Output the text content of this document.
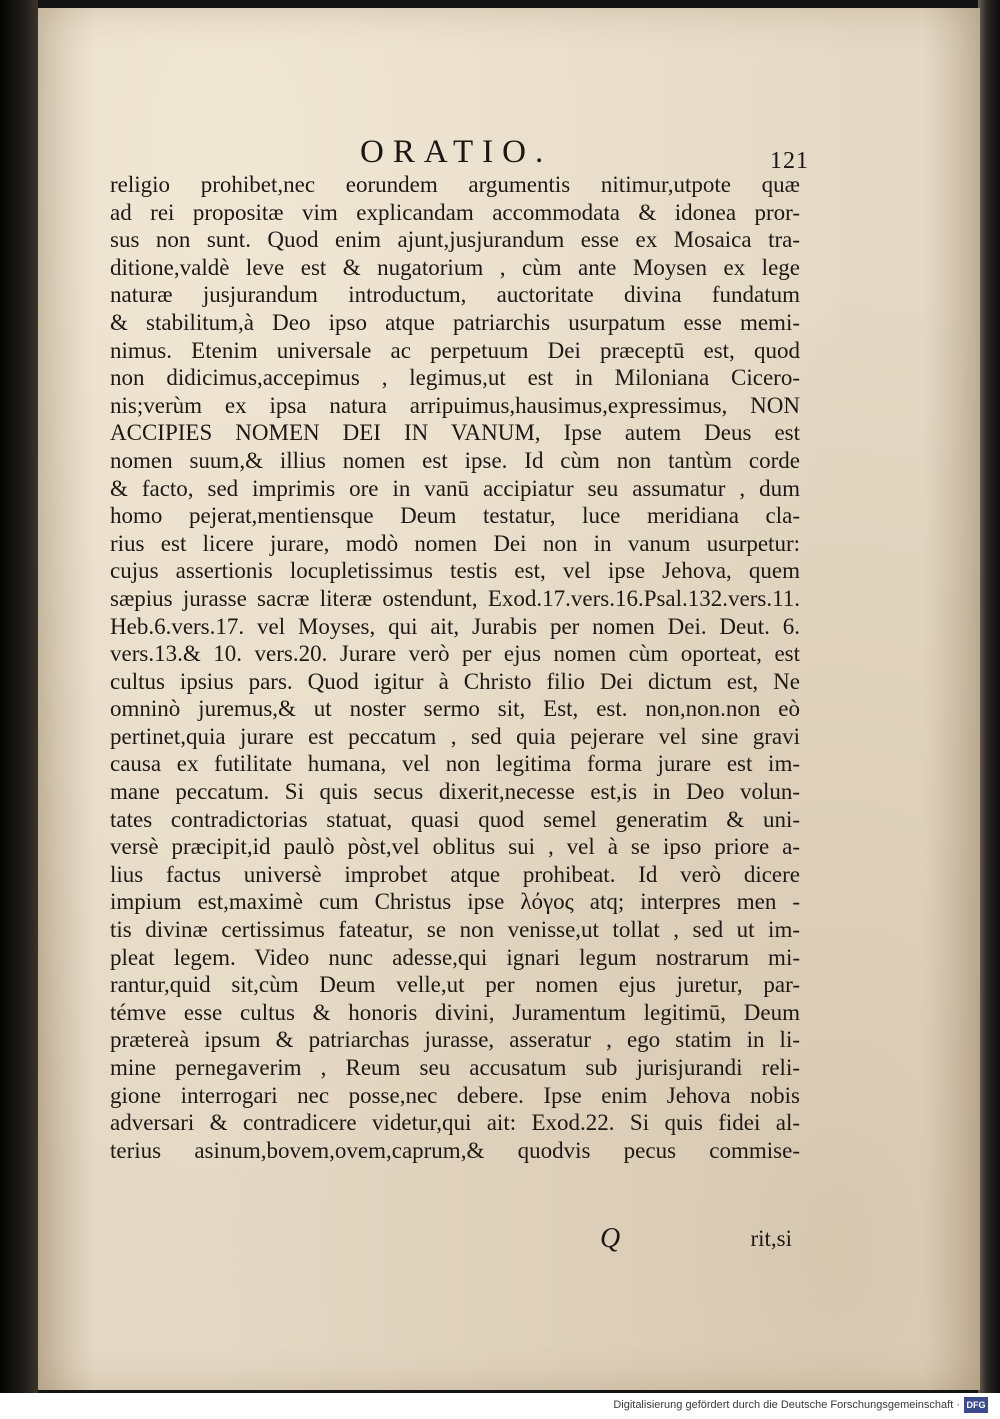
ORATIO.	121
religio prohibet,nec eorundem argumentis nitimur,utpote quæ
ad rei propositæ vim explicandam accommodata & idonea pror-
sus non sunt. Quod enim ajunt,jusjurandum esse ex Mosaica tra-
ditione,valdè leve est & nugatorium , cùm ante Moysen ex lege
naturæ jusjurandum introductum, auctoritate divina fundatum
& stabilitum,à Deo ipso atque patriarchis usurpatum esse memi-
nimus. Etenim universale ac perpetuum Dei præceptū est, quod
non didicimus,accepimus , legimus,ut est in Miloniana Cicero-
nis;verùm ex ipsa natura arripuimus,hausimus,expressimus, NON
ACCIPIES NOMEN DEI IN VANUM, Ipse autem Deus est
nomen suum,& illius nomen est ipse. Id cùm non tantùm corde
& facto, sed imprimis ore in vanū accipiatur seu assumatur , dum
homo pejerat,mentiensque Deum testatur, luce meridiana cla-
rius est licere jurare, modò nomen Dei non in vanum usurpetur:
cujus assertionis locupletissimus testis est, vel ipse Jehova, quem
sæpius jurasse sacræ literæ ostendunt, Exod.17.vers.16.Psal.132.vers.11.
Heb.6.vers.17. vel Moyses, qui ait, Jurabis per nomen Dei. Deut. 6.
vers.13.& 10. vers.20. Jurare verò per ejus nomen cùm oporteat, est
cultus ipsius pars. Quod igitur à Christo filio Dei dictum est, Ne
omninò juremus,& ut noster sermo sit, Est, est. non,non.non eò
pertinet,quia jurare est peccatum , sed quia pejerare vel sine gravi
causa ex futilitate humana, vel non legitima forma jurare est im-
mane peccatum. Si quis secus dixerit,necesse est,is in Deo volun-
tates contradictorias statuat, quasi quod semel generatim & uni-
versè præcipit,id paulò pòst,vel oblitus sui , vel à se ipso priore a-
lius factus universè improbet atque prohibeat. Id verò dicere
impium est,maximè cum Christus ipse λόγος atq; interpres men -
tis divinæ certissimus fateatur, se non venisse,ut tollat , sed ut im-
pleat legem. Video nunc adesse,qui ignari legum nostrarum mi-
rantur,quid sit,cùm Deum velle,ut per nomen ejus juretur, par-
témve esse cultus & honoris divini, Juramentum legitimū, Deum
prætereà ipsum & patriarchas jurasse, asseratur , ego statim in li-
mine pernegaverim , Reum seu accusatum sub jurisjurandi reli-
gione interrogari nec posse,nec debere. Ipse enim Jehova nobis
adversari & contradicere videtur,qui ait: Exod.22. Si quis fidei al-
terius asinum,bovem,ovem,caprum,& quodvis pecus commise-
Q	rit,si
Digitalisierung gefördert durch die Deutsche Forschungsgemeinschaft · DFG
